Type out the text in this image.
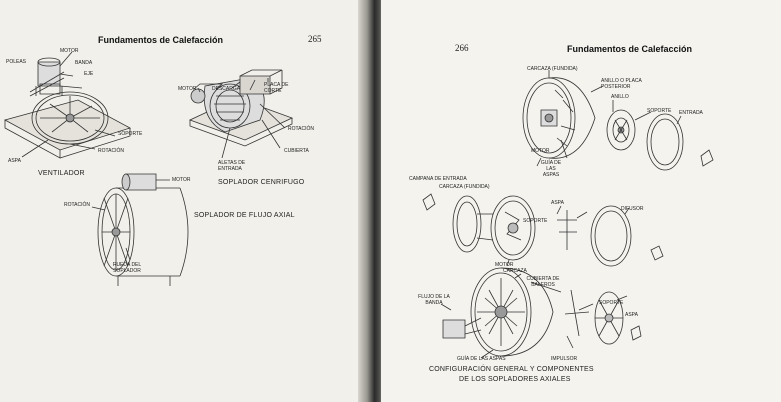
Fundamentos de Calefacción	265
MOTOR
POLEAS	BANDA
EJE
SOPORTE
ROTACIÓN
ASPA
VENTILADOR
MOTOR	DESCARGA
PLACA DE CORTE
ROTACIÓN
CUBIERTA
ALETAS DE ENTRADA
SOPLADOR CENRIFUGO
ROTACIÓN
MOTOR
RUEDA DEL SOPLADOR
SOPLADOR DE FLUJO AXIAL
266	Fundamentos de Calefacción
CARCAZA (FUNDIDA)
ANILLO O PLACA POSTERIOR
ANILLO
SOPORTE ENTRADA
MOTOR
GUÍA DE LAS ASPAS
CAMPANA DE ENTRADA
CARCAZA (FUNDIDA)
ASPA
SOPORTE
DIFUSOR
MOTOR
CARCAZA
CUBIERTA DE BALEROS
FLUJO DE LA BANDA	SOPORTE
ASPA
GUÍA DE LAS ASPAS	IMPULSOR
CONFIGURACIÓN GENERAL Y COMPONENTES
DE LOS SOPLADORES AXIALES
